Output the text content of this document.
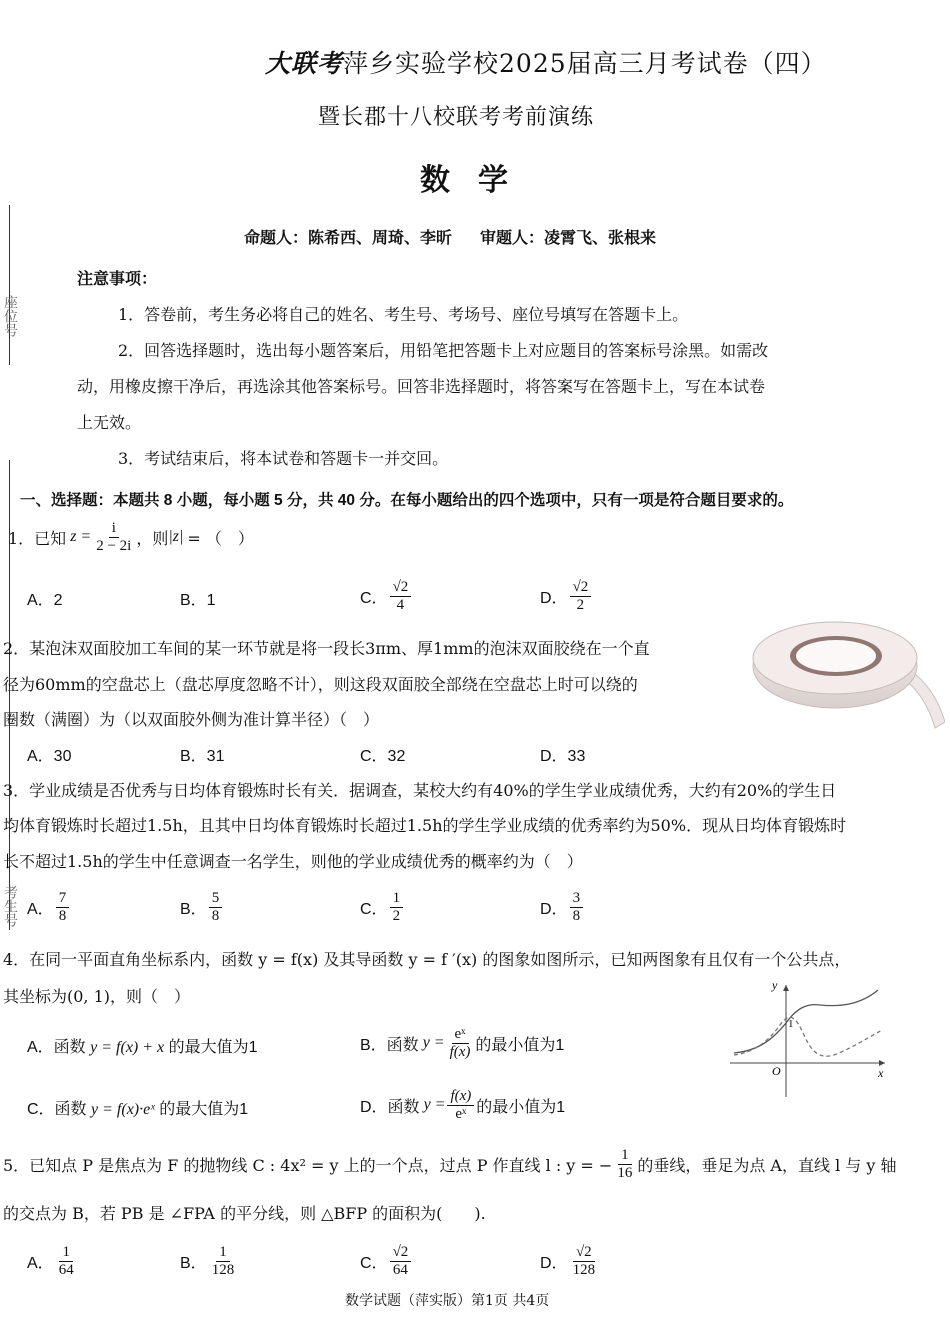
座位号
考生号
大联考萍乡实验学校2025届高三月考试卷（四）
暨长郡十八校联考考前演练
数学
命题人：陈希西、周琦、李昕 审题人：凌霄飞、张根来
注意事项：
1．答卷前，考生务必将自己的姓名、考生号、考场号、座位号填写在答题卡上。
2．回答选择题时，选出每小题答案后，用铅笔把答题卡上对应题目的答案标号涂黑。如需改
动，用橡皮擦干净后，再选涂其他答案标号。回答非选择题时，将答案写在答题卡上，写在本试卷
上无效。
3．考试结束后，将本试卷和答题卡一并交回。
一、选择题：本题共 8 小题，每小题 5 分，共 40 分。在每小题给出的四个选项中，只有一项是符合题目要求的。
1．已知 $z = \frac{i}{2 - 2i}$ ，则 |z| = （　）
A．2	B．1	C． $\frac{√2}{4}$	D． $\frac{√2}{2}$
2．某泡沫双面胶加工车间的某一环节就是将一段长3πm、厚1mm的泡沫双面胶绕在一个直
径为60mm的空盘芯上（盘芯厚度忽略不计），则这段双面胶全部绕在空盘芯上时可以绕的
圈数（满圈）为（以双面胶外侧为准计算半径）（　）
A．30	B．31	C．32	D．33
3．学业成绩是否优秀与日均体育锻炼时长有关．据调查，某校大约有40%的学生学业成绩优秀，大约有20%的学生日
均体育锻炼时长超过1.5h，且其中日均体育锻炼时长超过1.5h的学生学业成绩的优秀率约为50%．现从日均体育锻炼时
长不超过1.5h的学生中任意调查一名学生，则他的学业成绩优秀的概率约为（　）
A． $\frac{7}{8}$	B． $\frac{5}{8}$	C． $\frac{1}{2}$	D． $\frac{3}{8}$
4．在同一平面直角坐标系内，函数 y = f(x) 及其导函数 y = f ′(x) 的图象如图所示，已知两图象有且仅有一个公共点，
其坐标为(0, 1)，则（　）
A．函数 y = f(x) + x 的最大值为1	B．函数 $y = \frac{\text{eˣ}}{f(x)}$ 的最小值为1
C．函数 y = f(x)·eˣ 的最大值为1	D．函数 $y = \frac{f(x)}{\text{eˣ}}$ 的最小值为1
y
x
O
1
5．已知点 P 是焦点为 F 的抛物线 C : 4x² = y 上的一个点，过点 P 作直线 l : y = − $\frac{1}{16}$ 的垂线，垂足为点 A，直线 l 与 y 轴
的交点为 B，若 PB 是 ∠FPA 的平分线，则 △BFP 的面积为(　　).
A． $\frac{1}{64}$	B． $\frac{1}{128}$	C． $\frac{√2}{64}$	D． $\frac{√2}{128}$
数学试题（萍实版）第1页 共4页
